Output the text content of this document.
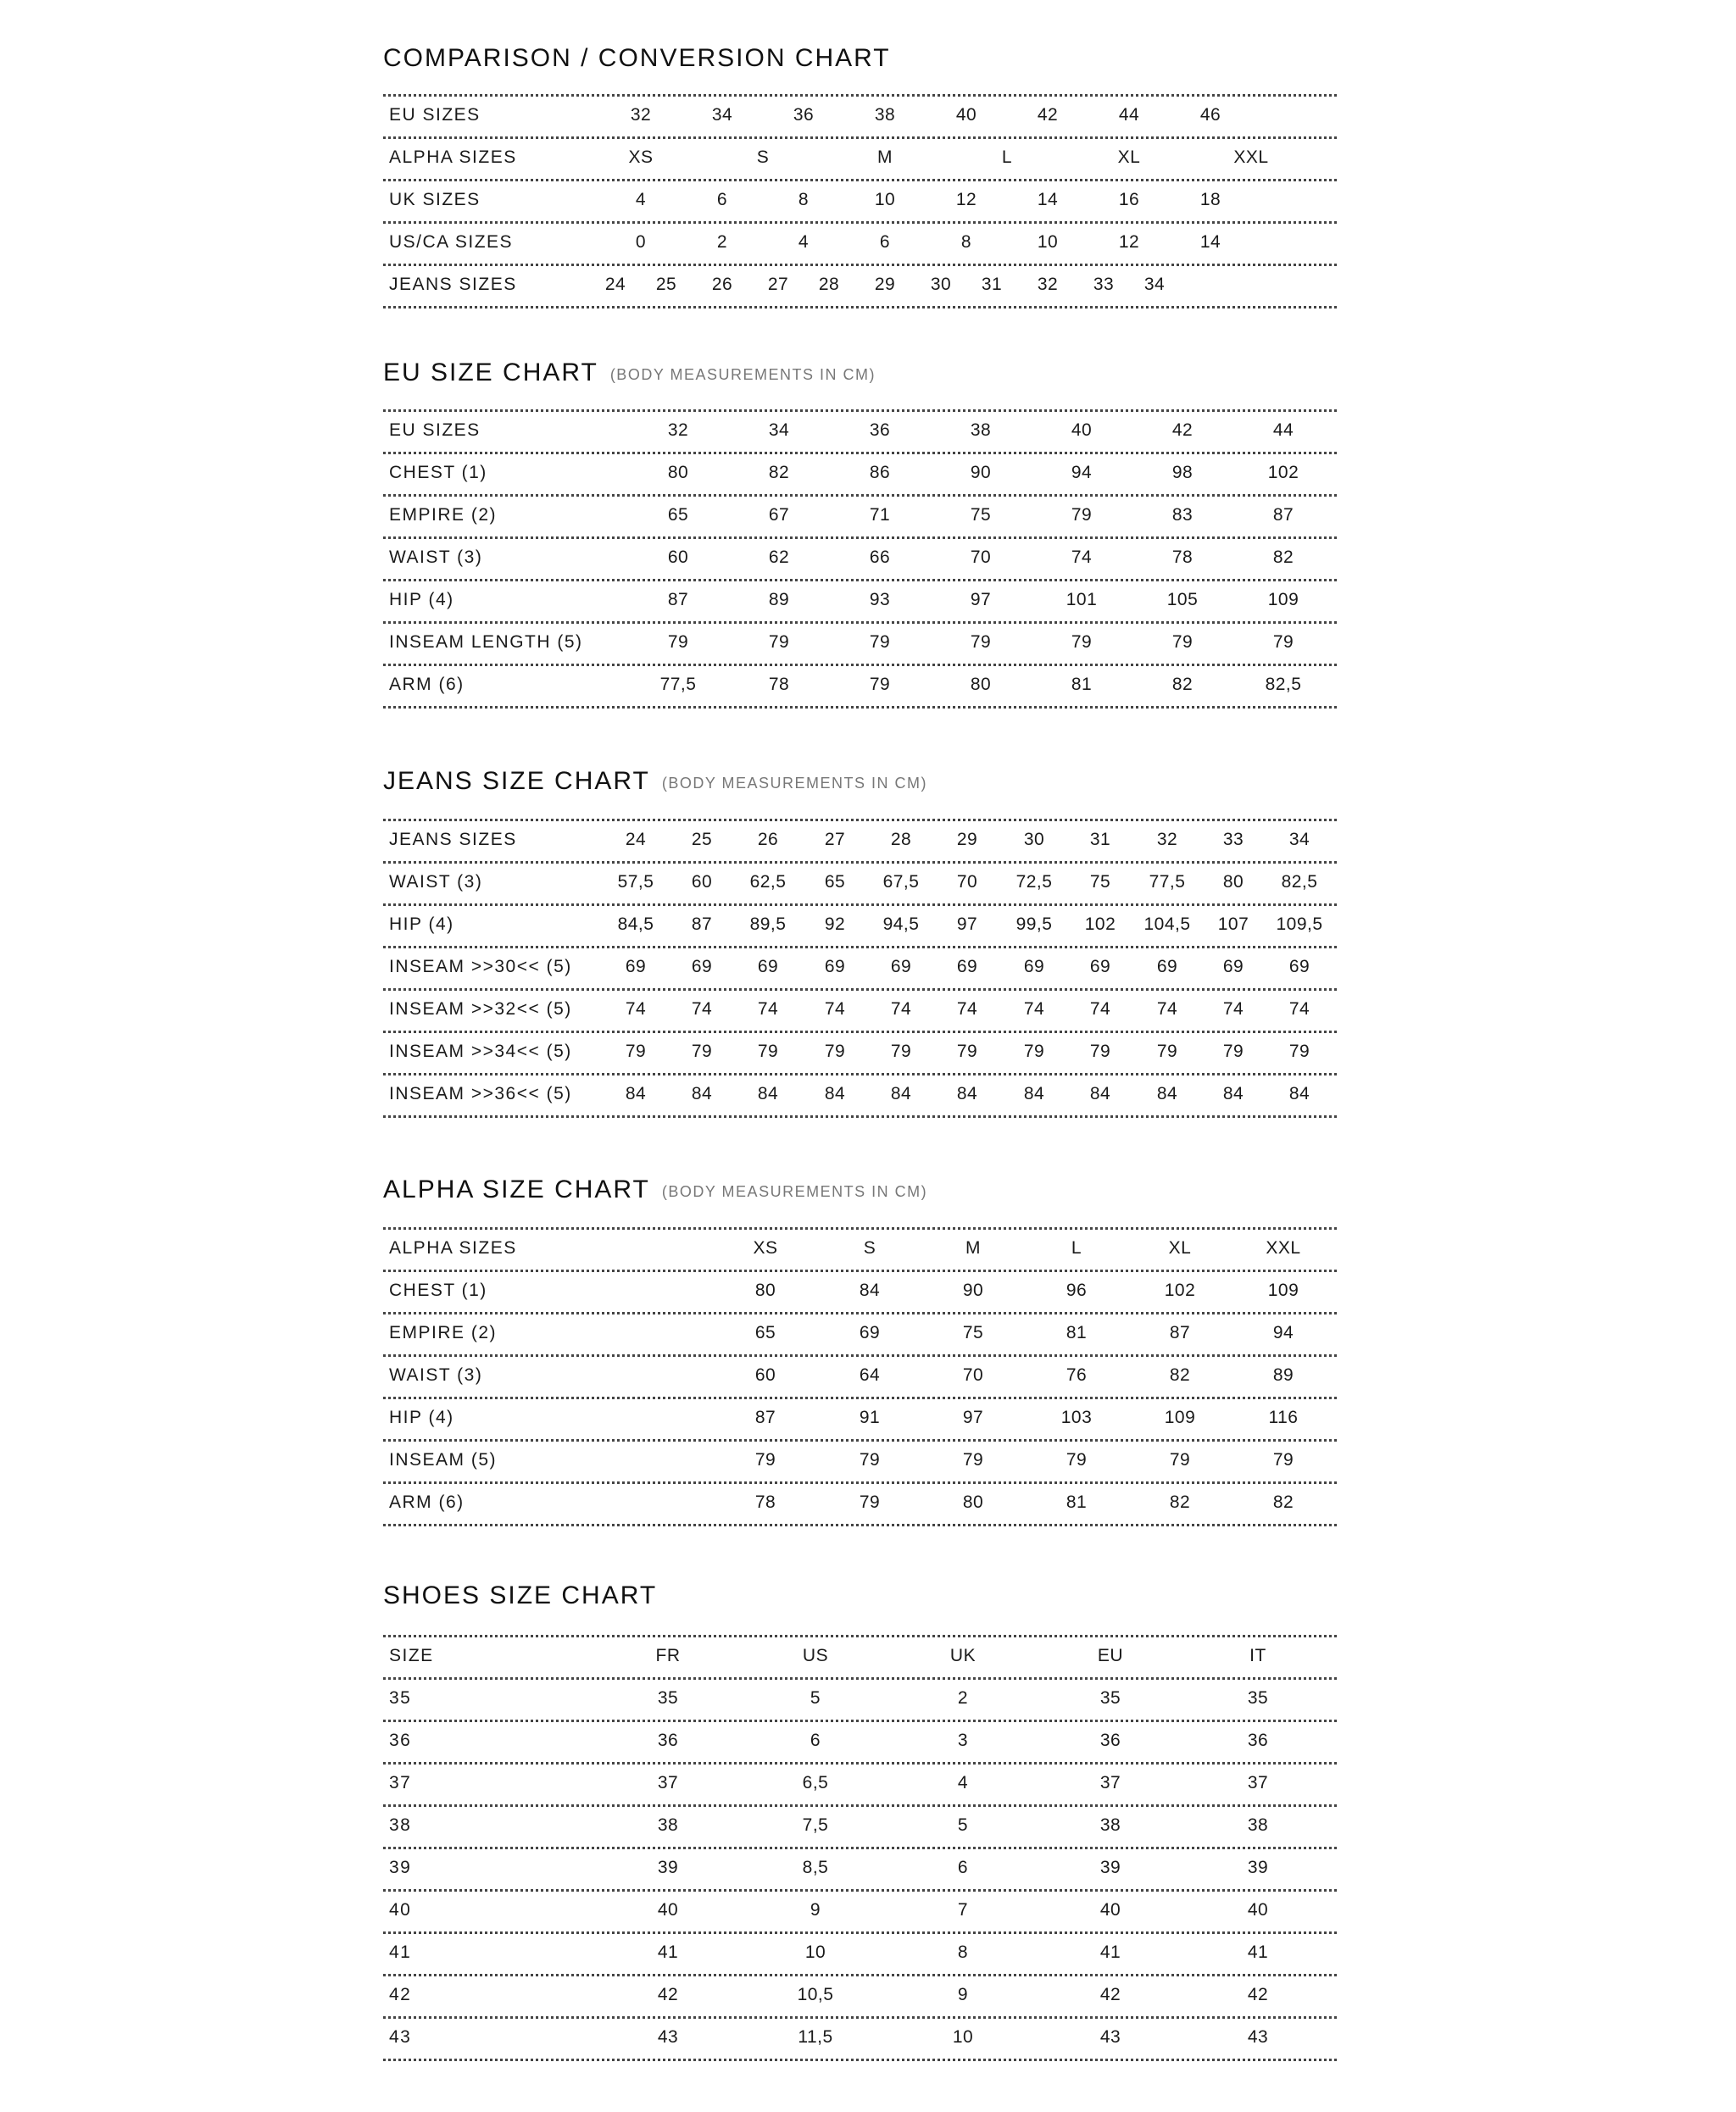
COMPARISON / CONVERSION CHART
EU SIZES	32	34	36	38	40	42	44	46
ALPHA SIZES	XS	S	M	L	XL	XXL
UK SIZES	4	6	8	10	12	14	16	18
US/CA SIZES	0	2	4	6	8	10	12	14
JEANS SIZES	24 25 26 27 28 29 30 31 32 33 34
EU SIZE CHART (BODY MEASUREMENTS IN CM)
EU SIZES	32	34	36	38	40	42	44
CHEST (1)	80	82	86	90	94	98	102
EMPIRE (2)	65	67	71	75	79	83	87
WAIST (3)	60	62	66	70	74	78	82
HIP (4)	87	89	93	97	101	105	109
INSEAM LENGTH (5)	79	79	79	79	79	79	79
ARM (6)	77,5	78	79	80	81	82	82,5
JEANS SIZE CHART (BODY MEASUREMENTS IN CM)
JEANS SIZES	24	25	26	27	28	29	30	31	32	33	34
WAIST (3)	57,5 60 62,5 65 67,5 70 72,5 75 77,5 80 82,5
HIP (4)	84,5 87 89,5 92 94,5 97 99,5 102 104,5 107 109,5
INSEAM >>30<< (5)	69	69	69	69	69	69	69	69	69	69	69
INSEAM >>32<< (5)	74	74	74	74	74	74	74	74	74	74	74
INSEAM >>34<< (5)	79	79	79	79	79	79	79	79	79	79	79
INSEAM >>36<< (5)	84	84	84	84	84	84	84	84	84	84	84
ALPHA SIZE CHART (BODY MEASUREMENTS IN CM)
ALPHA SIZES	XS	S	M	L	XL	XXL
CHEST (1)	80	84	90	96	102	109
EMPIRE (2)	65	69	75	81	87	94
WAIST (3)	60	64	70	76	82	89
HIP (4)	87	91	97	103	109	116
INSEAM (5)	79	79	79	79	79	79
ARM (6)	78	79	80	81	82	82
SHOES SIZE CHART
SIZE	FR	US	UK	EU	IT
35	35	5	2	35	35
36	36	6	3	36	36
37	37	6,5	4	37	37
38	38	7,5	5	38	38
39	39	8,5	6	39	39
40	40	9	7	40	40
41	41	10	8	41	41
42	42	10,5	9	42	42
43	43	11,5	10	43	43
